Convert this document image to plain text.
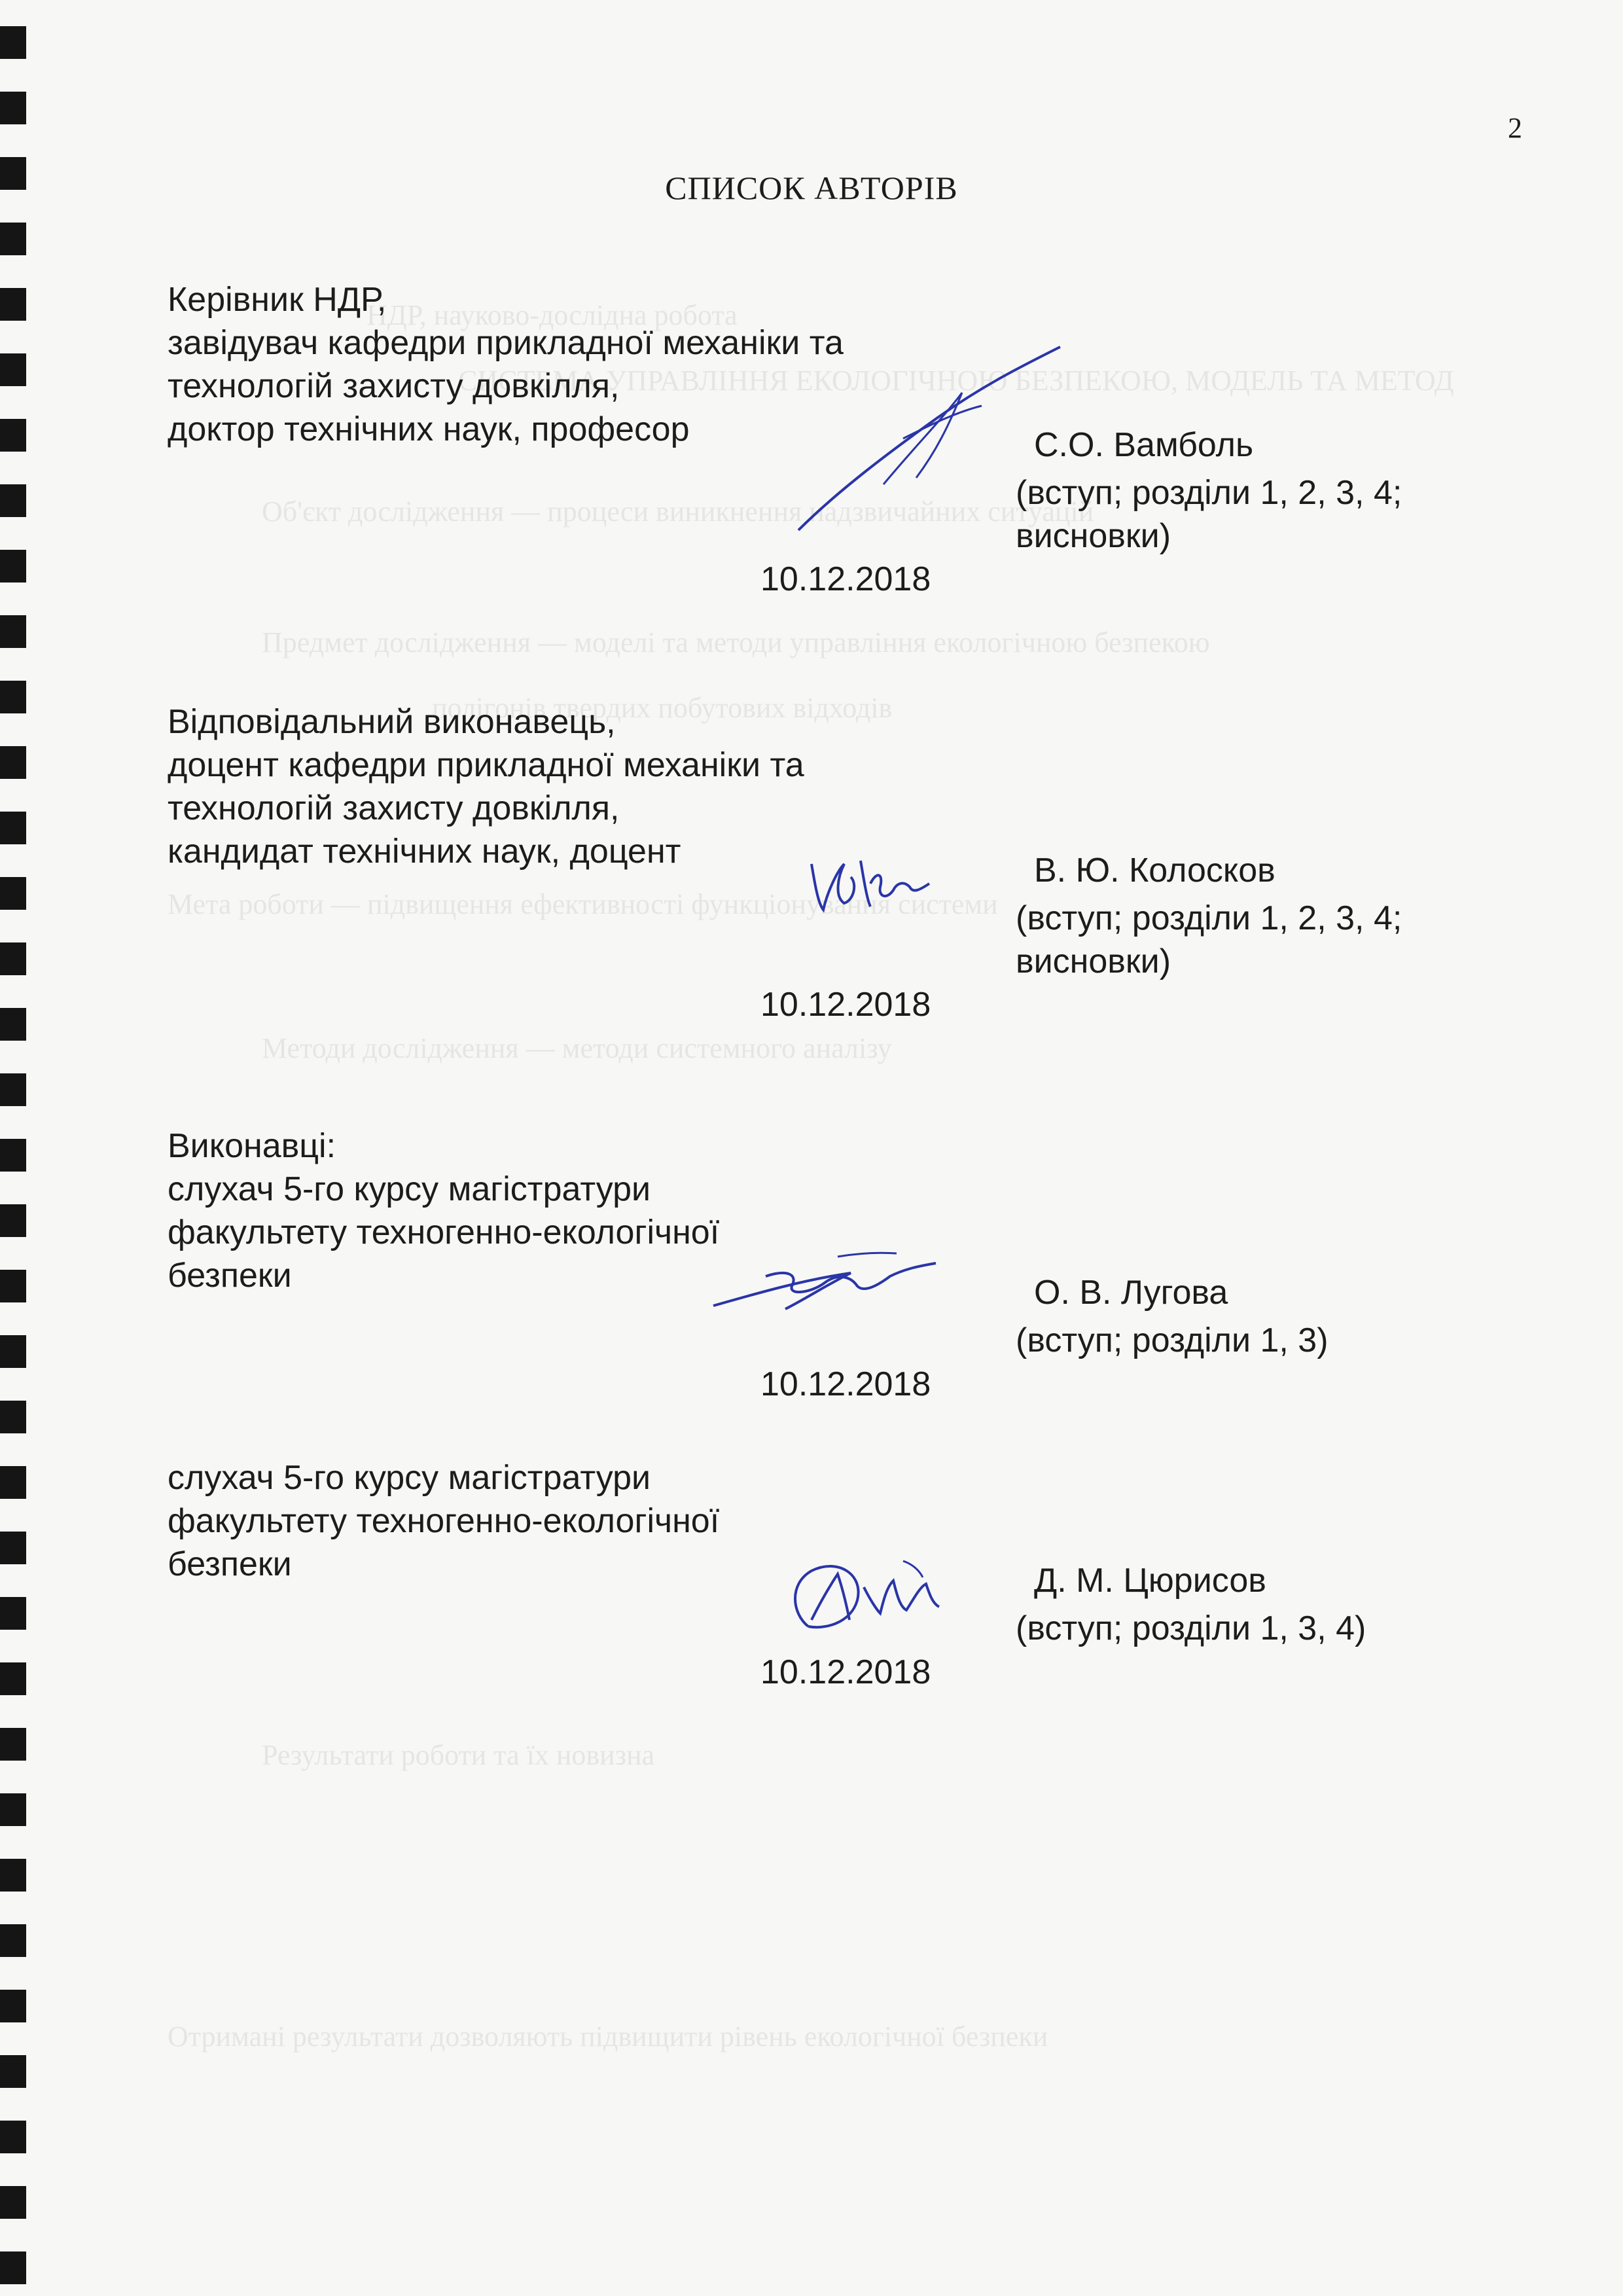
НДР, науково-дослідна робота
СИСТЕМА УПРАВЛІННЯ ЕКОЛОГІЧНОЮ БЕЗПЕКОЮ, МОДЕЛЬ ТА МЕТОД
Об'єкт дослідження — процеси виникнення надзвичайних ситуацій
Предмет дослідження — моделі та методи управління екологічною безпекою
полігонів твердих побутових відходів
Мета роботи — підвищення ефективності функціонування системи
Методи дослідження — методи системного аналізу
Результати роботи та їх новизна
Отримані результати дозволяють підвищити рівень екологічної безпеки
2
СПИСОК АВТОРІВ
Керівник НДР,
завідувач кафедри прикладної механіки та
технологій захисту довкілля,
доктор технічних наук, професор	С.О. Вамболь
(вступ; розділи 1, 2, 3, 4;
висновки)
10.12.2018
Відповідальний виконавець,
доцент кафедри прикладної механіки та
технологій захисту довкілля,
кандидат технічних наук, доцент	В. Ю. Колосков
(вступ; розділи 1, 2, 3, 4;
висновки)
10.12.2018
Виконавці:
слухач 5-го курсу магістратури
факультету техногенно-екологічної
безпеки	О. В. Лугова
(вступ; розділи 1, 3)
10.12.2018
слухач 5-го курсу магістратури
факультету техногенно-екологічної
безпеки	Д. М. Цюрисов
(вступ; розділи 1, 3, 4)
10.12.2018
